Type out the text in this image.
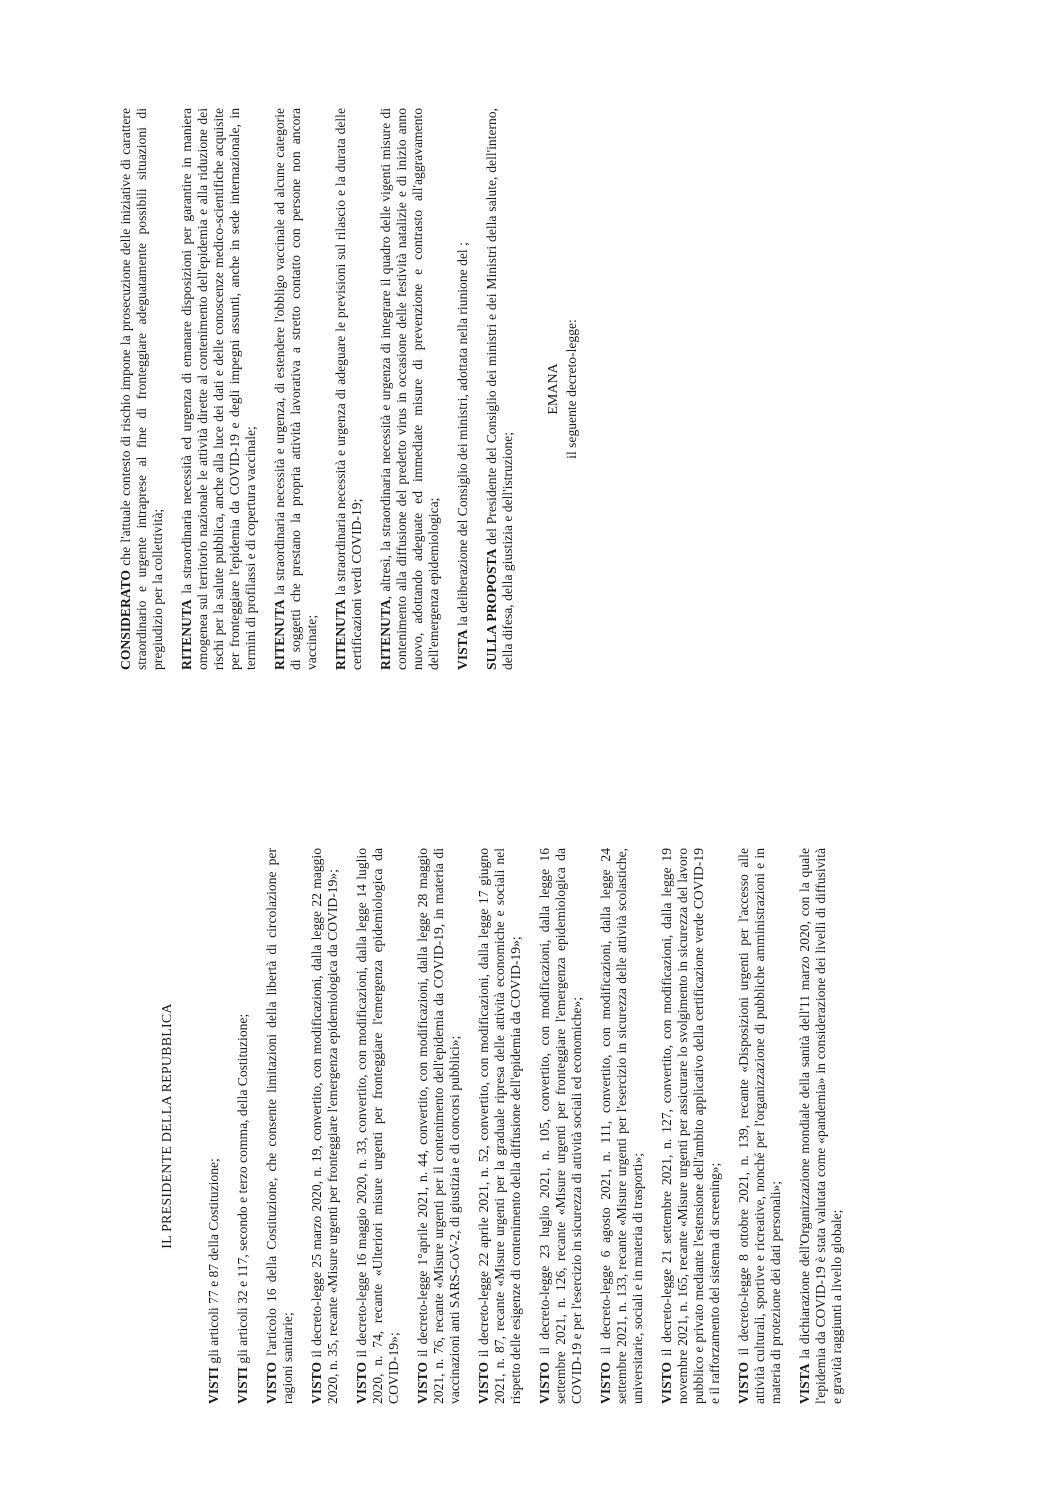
IL PRESIDENTE DELLA REPUBBLICA
VISTI gli articoli 77 e 87 della Costituzione;
VISTI gli articoli 32 e 117, secondo e terzo comma, della Costituzione;
VISTO l'articolo 16 della Costituzione, che consente limitazioni della libertà di circolazione per ragioni sanitarie; VISTO il decreto-legge 25 marzo 2020, n. 19, convertito, con modificazioni, dalla legge 22 maggio 2020, n. 35, recante «Misure urgenti per fronteggiare l'emergenza epidemiologica da COVID-19»; VISTO il decreto-legge 16 maggio 2020, n. 33, convertito, con modificazioni, dalla legge 14 luglio 2020, n. 74, recante «Ulteriori misure urgenti per fronteggiare l'emergenza epidemiologica da COVID-19»; VISTO il decreto-legge 1°aprile 2021, n. 44, convertito, con modificazioni, dalla legge 28 maggio 2021, n. 76, recante «Misure urgenti per il contenimento dell'epidemia da COVID-19, in materia di vaccinazioni anti SARS-CoV-2, di giustizia e di concorsi pubblici»; VISTO il decreto-legge 22 aprile 2021, n. 52, convertito, con modificazioni, dalla legge 17 giugno 2021, n. 87, recante «Misure urgenti per la graduale ripresa delle attività economiche e sociali nel rispetto delle esigenze di contenimento della diffusione dell'epidemia da COVID-19»; VISTO il decreto-legge 23 luglio 2021, n. 105, convertito, con modificazioni, dalla legge 16 settembre 2021, n. 126, recante «Misure urgenti per fronteggiare l'emergenza epidemiologica da COVID-19 e per l'esercizio in sicurezza di attività sociali ed economiche»; VISTO il decreto-legge 6 agosto 2021, n. 111, convertito, con modificazioni, dalla legge 24 settembre 2021, n. 133, recante «Misure urgenti per l'esercizio in sicurezza delle attività scolastiche, universitarie, sociali e in materia di trasporti»; VISTO il decreto-legge 21 settembre 2021, n. 127, convertito, con modificazioni, dalla legge 19 novembre 2021, n. 165, recante «Misure urgenti per assicurare lo svolgimento in sicurezza del lavoro pubblico e privato mediante l'estensione dell'ambito applicativo della certificazione verde COVID-19 e il rafforzamento del sistema di screening»; VISTO il decreto-legge 8 ottobre 2021, n. 139, recante «Disposizioni urgenti per l'accesso alle attività culturali, sportive e ricreative, nonché per l'organizzazione di pubbliche amministrazioni e in materia di protezione dei dati personali»; VISTA la dichiarazione dell'Organizzazione mondiale della sanità dell'11 marzo 2020, con la quale l'epidemia da COVID-19 è stata valutata come «pandemia» in considerazione dei livelli di diffusività e gravità raggiunti a livello globale;
CONSIDERATO che l'attuale contesto di rischio impone la prosecuzione delle iniziative di carattere straordinario e urgente intraprese al fine di fronteggiare adeguatamente possibili situazioni di pregiudizio per la collettività; RITENUTA la straordinaria necessità ed urgenza di emanare disposizioni per garantire in maniera omogenea sul territorio nazionale le attività dirette al contenimento dell'epidemia e alla riduzione dei rischi per la salute pubblica, anche alla luce dei dati e delle conoscenze medico-scientifiche acquisite per fronteggiare l'epidemia da COVID-19 e degli impegni assunti, anche in sede internazionale, in termini di profilassi e di copertura vaccinale; RITENUTA la straordinaria necessità e urgenza, di estendere l'obbligo vaccinale ad alcune categorie di soggetti che prestano la propria attività lavorativa a stretto contatto con persone non ancora vaccinate; RITENUTA la straordinaria necessità e urgenza di adeguare le previsioni sul rilascio e la durata delle certificazioni verdi COVID-19; RITENUTA, altresì, la straordinaria necessità e urgenza di integrare il quadro delle vigenti misure di contenimento alla diffusione del predetto virus in occasione delle festività natalizie e di inizio anno nuovo, adottando adeguate ed immediate misure di prevenzione e contrasto all'aggravamento dell'emergenza epidemiologica; VISTA la deliberazione del Consiglio dei ministri, adottata nella riunione del ; SULLA PROPOSTA del Presidente del Consiglio dei ministri e dei Ministri della salute, dell'interno, della difesa, della giustizia e dell'istruzione;
EMANA il seguente decreto-legge:
